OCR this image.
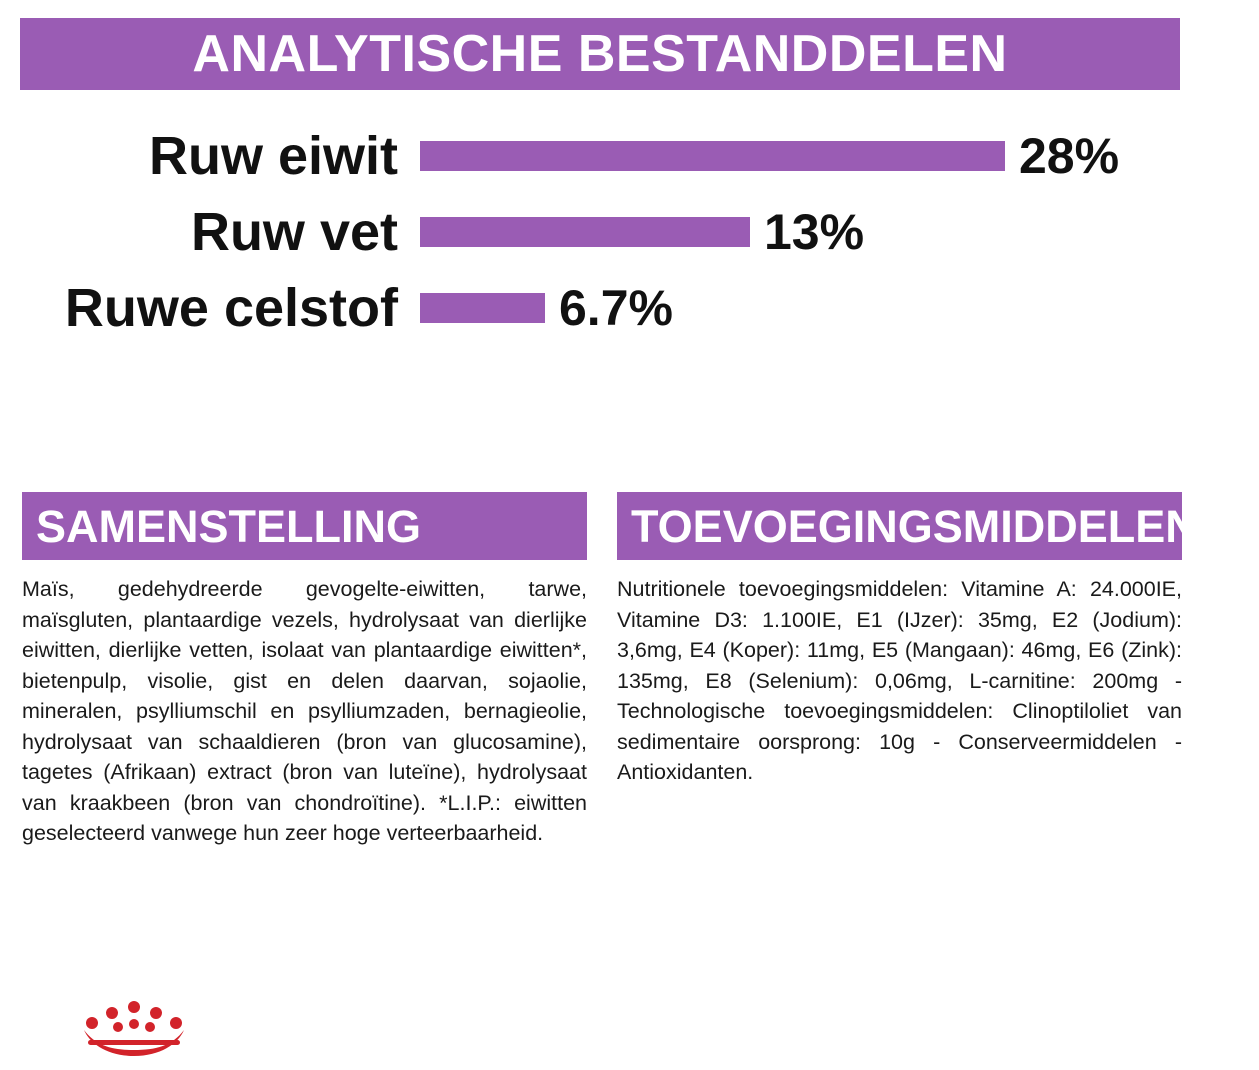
ANALYTISCHE BESTANDDELEN
Ruw eiwit	28%
Ruw vet	13%
Ruwe celstof	6.7%
SAMENSTELLING

Maïs, gedehydreerde gevogelte-eiwitten, tarwe, maïsgluten, plantaardige vezels, hydrolysaat van dierlijke eiwitten, dierlijke vetten, isolaat van plantaardige eiwitten*, bietenpulp, visolie, gist en delen daarvan, sojaolie, mineralen, psylliumschil en psylliumzaden, bernagieolie, hydrolysaat van schaaldieren (bron van glucosamine), tagetes (Afrikaan) extract (bron van luteïne), hydrolysaat van kraakbeen (bron van chondroïtine). *L.I.P.: eiwitten geselecteerd vanwege hun zeer hoge verteerbaarheid.

TOEVOEGINGSMIDDELEN (/kg)

Nutritionele toevoegingsmiddelen: Vitamine A: 24.000IE, Vitamine D3: 1.100IE, E1 (IJzer): 35mg, E2 (Jodium): 3,6mg, E4 (Koper): 11mg, E5 (Mangaan): 46mg, E6 (Zink): 135mg, E8 (Selenium): 0,06mg, L-carnitine: 200mg - Technologische toevoegingsmiddelen: Clinoptiloliet van sedimentaire oorsprong: 10g - Conserveermiddelen - Antioxidanten.
